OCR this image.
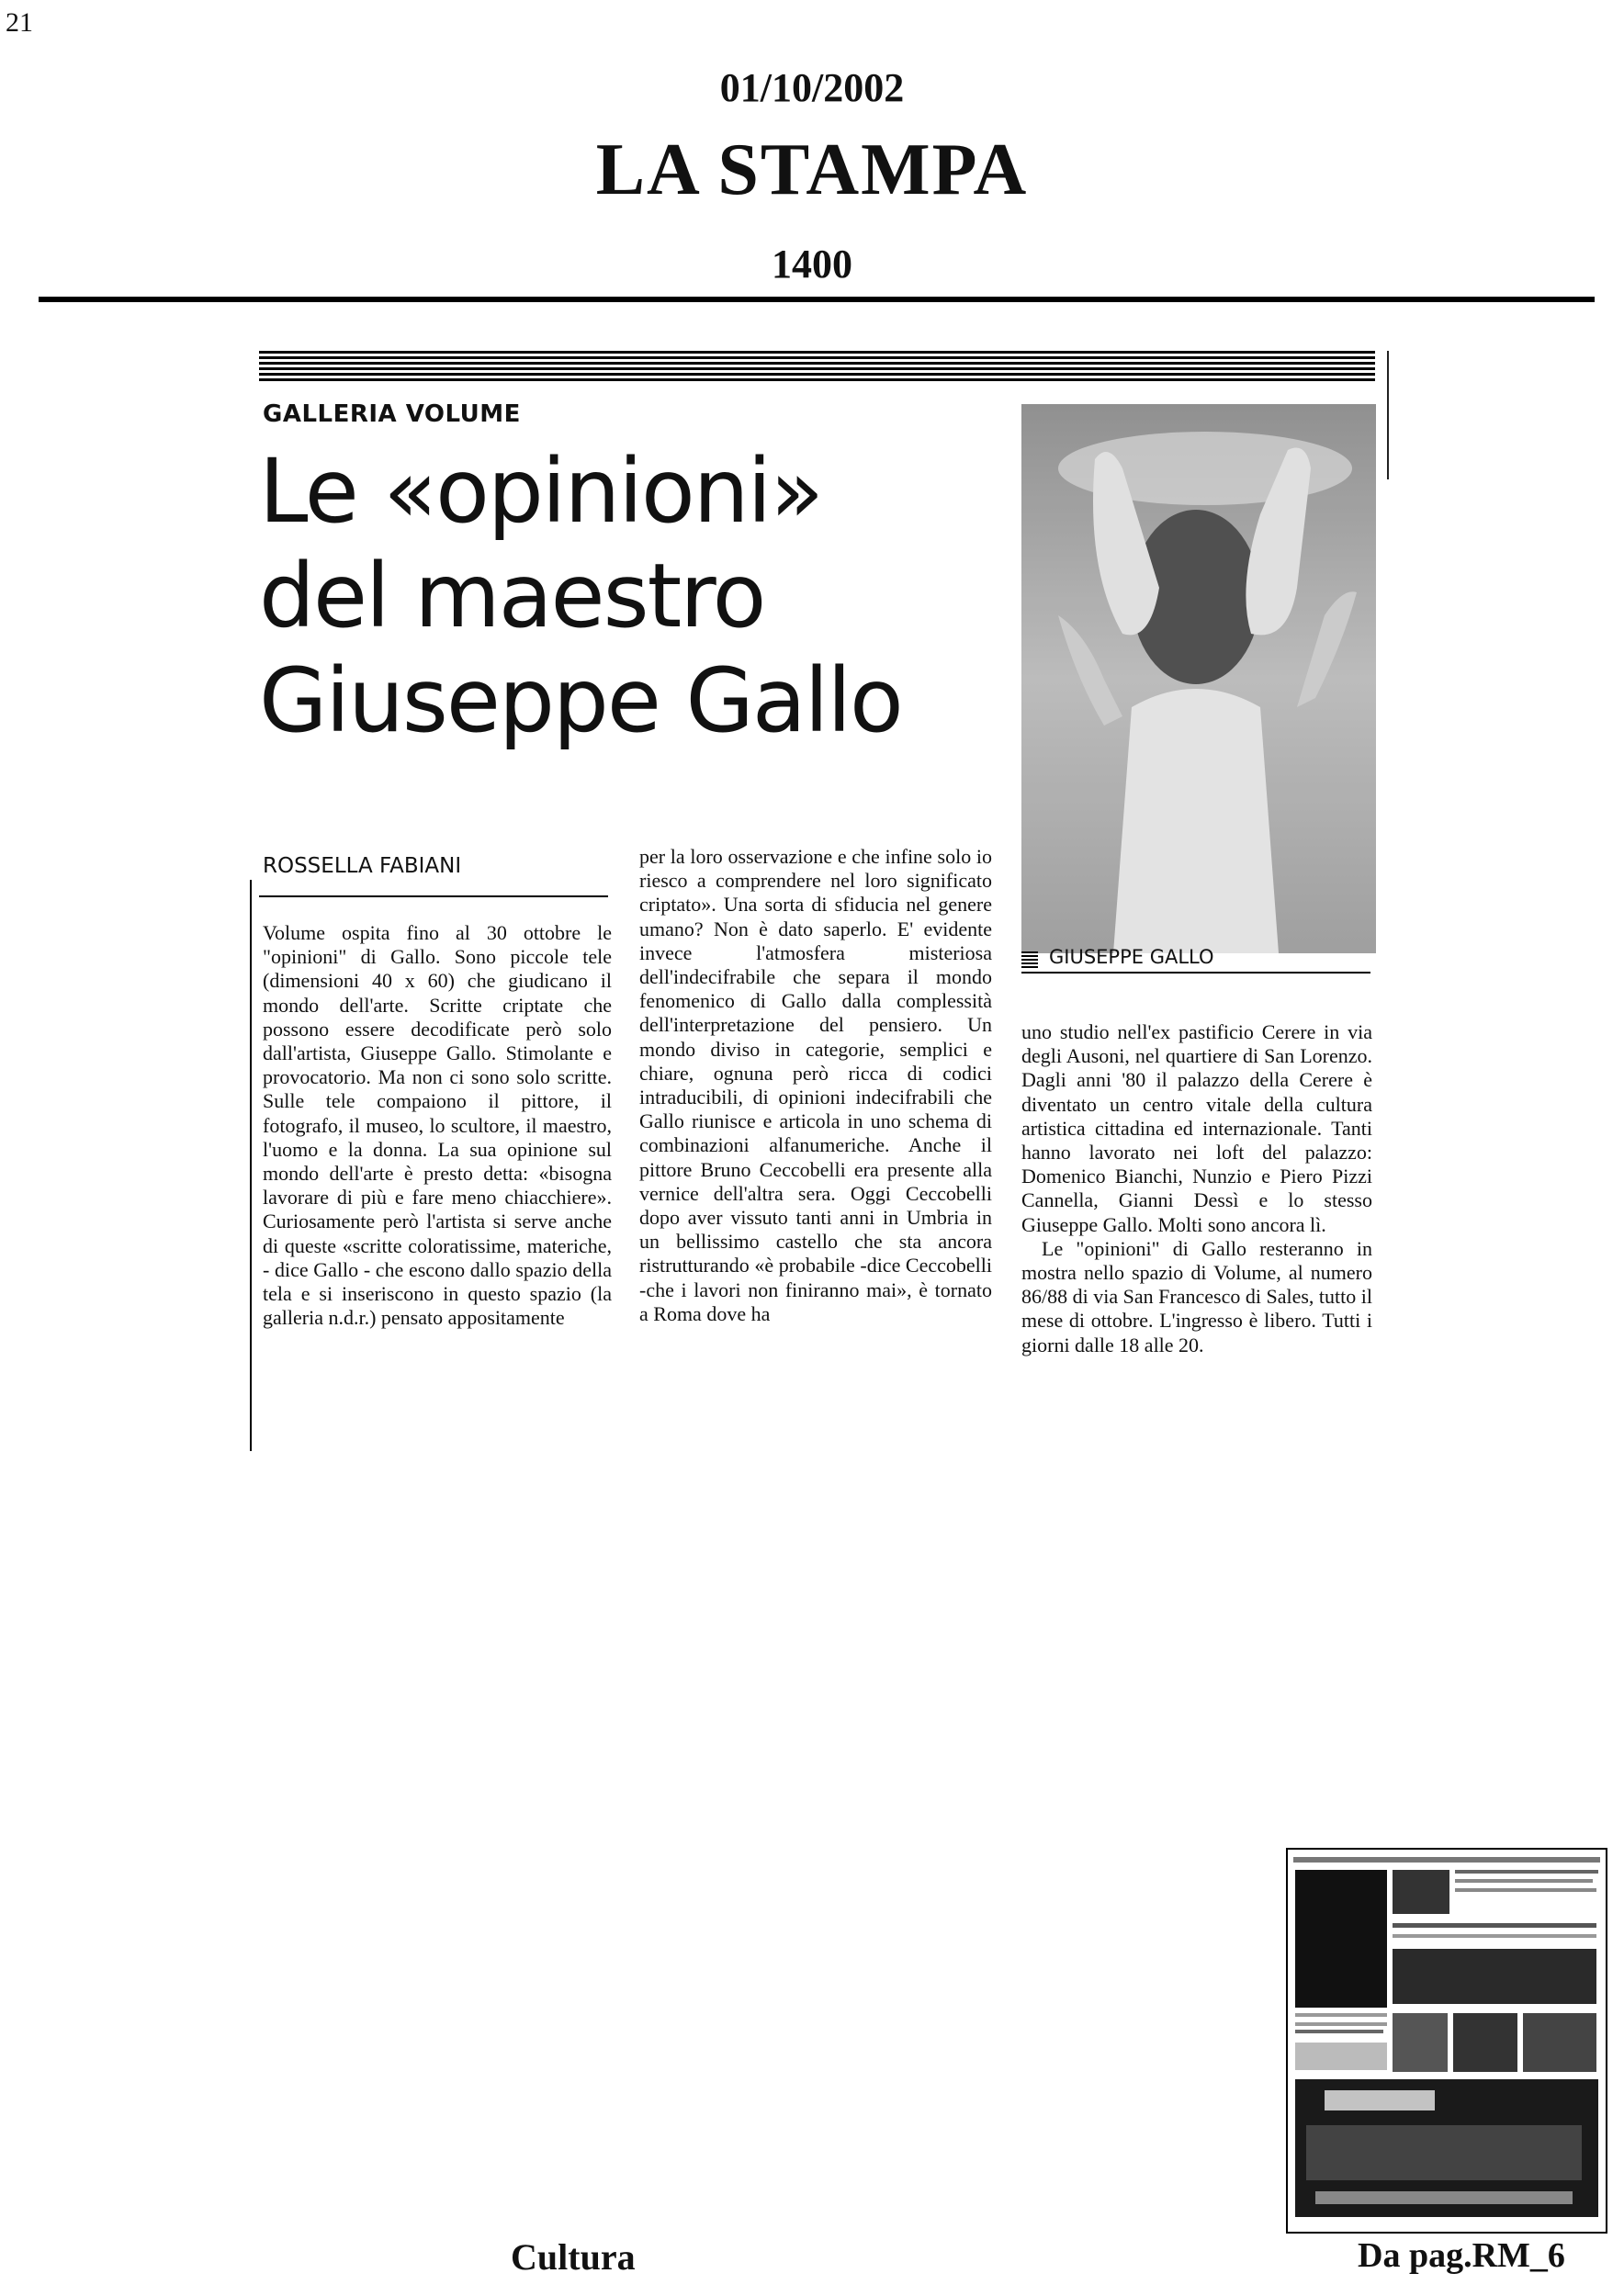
21
01/10/2002
LA STAMPA
1400
GALLERIA VOLUME
Le «opinioni»
del maestro
Giuseppe Gallo
ROSSELLA FABIANI

Volume ospita fino al 30 ottobre le "opinioni" di Gallo. Sono piccole tele (dimensioni 40 x 60) che giudicano il mondo dell'arte. Scritte criptate che possono essere decodificate però solo dall'artista, Giuseppe Gallo. Stimolante e provocatorio. Ma non ci sono solo scritte. Sulle tele compaiono il pittore, il fotografo, il museo, lo scultore, il maestro, l'uomo e la donna. La sua opinione sul mondo dell'arte è presto detta: «bisogna lavorare di più e fare meno chiacchiere». Curiosamente però l'artista si serve anche di queste «scritte coloratissime, materiche, - dice Gallo - che escono dallo spazio della tela e si inseriscono in questo spazio (la galleria n.d.r.) pensato appositamente

per la loro osservazione e che infine solo io riesco a comprendere nel loro significato criptato». Una sorta di sfiducia nel genere umano? Non è dato saperlo. E' evidente invece l'atmosfera misteriosa dell'indecifrabile che separa il mondo fenomenico di Gallo dalla complessità dell'interpretazione del pensiero. Un mondo diviso in categorie, semplici e chiare, ognuna però ricca di codici intraducibili, di opinioni indecifrabili che Gallo riunisce e articola in uno schema di combinazioni alfanumeriche. Anche il pittore Bruno Ceccobelli era presente alla vernice dell'altra sera. Oggi Ceccobelli dopo aver vissuto tanti anni in Umbria in un bellissimo castello che sta ancora ristrutturando «è probabile -dice Ceccobelli -che i lavori non finiranno mai», è tornato a Roma dove ha

uno studio nell'ex pastificio Cerere in via degli Ausoni, nel quartiere di San Lorenzo. Dagli anni '80 il palazzo della Cerere è diventato un centro vitale della cultura artistica cittadina ed internazionale. Tanti hanno lavorato nei loft del palazzo: Domenico Bianchi, Nunzio e Piero Pizzi Cannella, Gianni Dessì e lo stesso Giuseppe Gallo. Molti sono ancora lì.

Le "opinioni" di Gallo resteranno in mostra nello spazio di Volume, al numero 86/88 di via San Francesco di Sales, tutto il mese di ottobre. L'ingresso è libero. Tutti i giorni dalle 18 alle 20.

GIUSEPPE GALLO
Cultura	Da pag.RM_6
